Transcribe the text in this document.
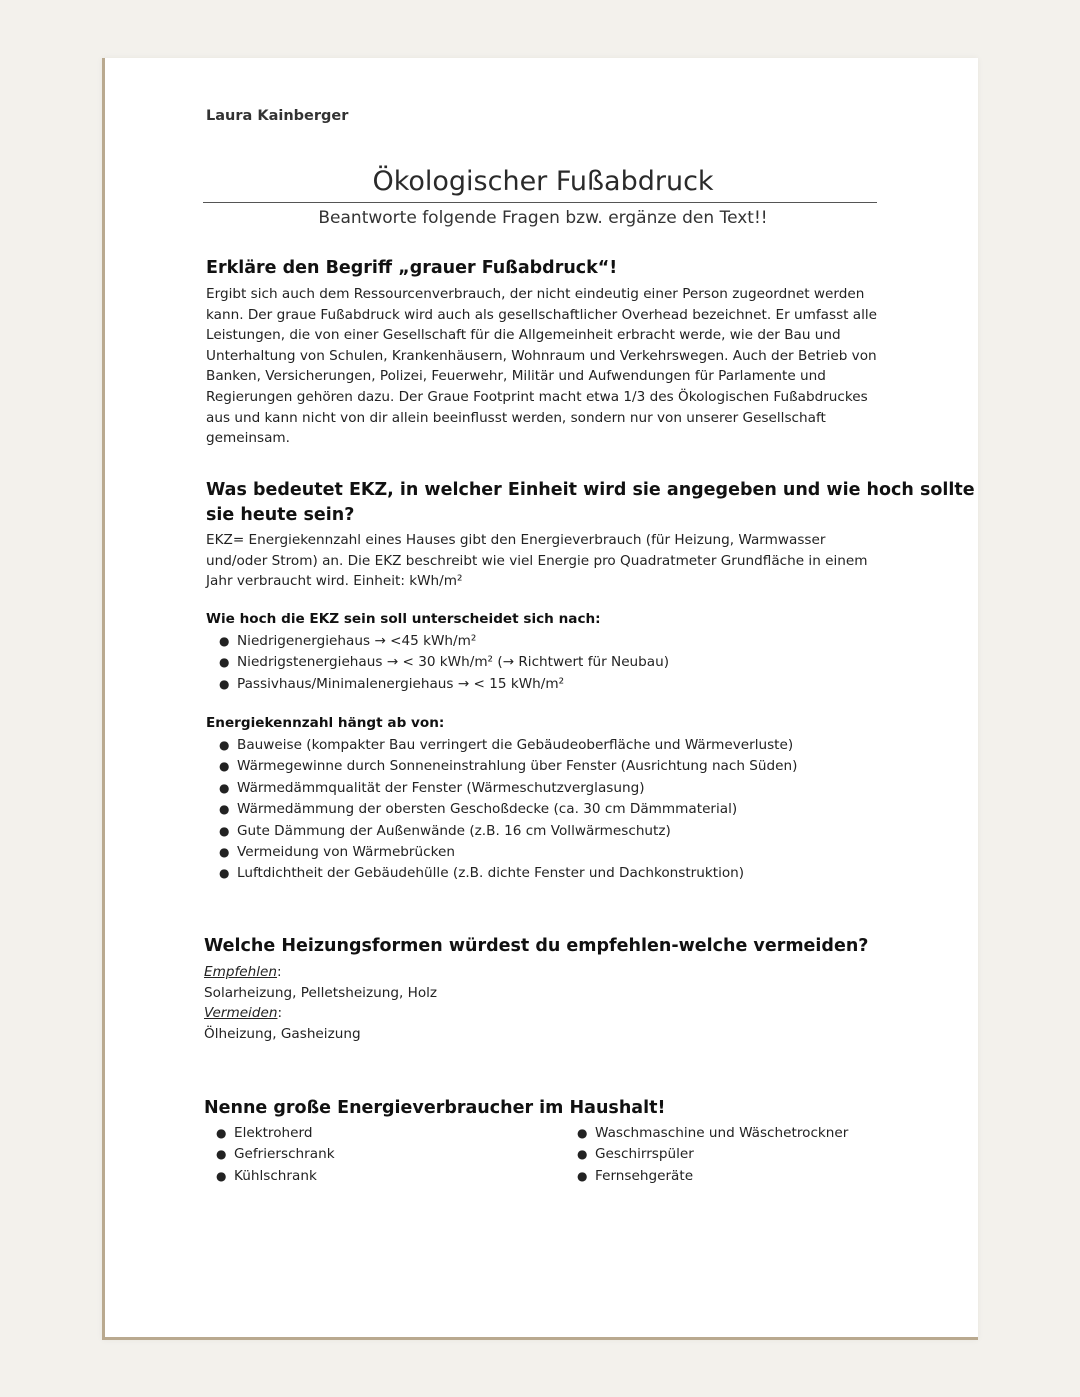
Laura Kainberger
Ökologischer Fußabdruck
Beantworte folgende Fragen bzw. ergänze den Text!!
Erkläre den Begriff „grauer Fußabdruck“!
Ergibt sich auch dem Ressourcenverbrauch, der nicht eindeutig einer Person zugeordnet werden kann. Der graue Fußabdruck wird auch als gesellschaftlicher Overhead bezeichnet. Er umfasst alle Leistungen, die von einer Gesellschaft für die Allgemeinheit erbracht werde, wie der Bau und Unterhaltung von Schulen, Krankenhäusern, Wohnraum und Verkehrswegen. Auch der Betrieb von Banken, Versicherungen, Polizei, Feuerwehr, Militär und Aufwendungen für Parlamente und Regierungen gehören dazu. Der Graue Footprint macht etwa 1/3 des Ökologischen Fußabdruckes aus und kann nicht von dir allein beeinflusst werden, sondern nur von unserer Gesellschaft gemeinsam.
Was bedeutet EKZ, in welcher Einheit wird sie angegeben und wie hoch sollte
sie heute sein?
EKZ= Energiekennzahl eines Hauses gibt den Energieverbrauch (für Heizung, Warmwasser und/oder Strom) an. Die EKZ beschreibt wie viel Energie pro Quadratmeter Grundfläche in einem Jahr verbraucht wird. Einheit: kWh/m²
Wie hoch die EKZ sein soll unterscheidet sich nach:
● Niedrigenergiehaus → <45 kWh/m²
● Niedrigstenergiehaus → < 30 kWh/m² (→ Richtwert für Neubau)
● Passivhaus/Minimalenergiehaus → < 15 kWh/m²
Energiekennzahl hängt ab von:
● Bauweise (kompakter Bau verringert die Gebäudeoberfläche und Wärmeverluste)
● Wärmegewinne durch Sonneneinstrahlung über Fenster (Ausrichtung nach Süden)
● Wärmedämmqualität der Fenster (Wärmeschutzverglasung)
● Wärmedämmung der obersten Geschoßdecke (ca. 30 cm Dämmmaterial)
● Gute Dämmung der Außenwände (z.B. 16 cm Vollwärmeschutz)
● Vermeidung von Wärmebrücken
● Luftdichtheit der Gebäudehülle (z.B. dichte Fenster und Dachkonstruktion)
Welche Heizungsformen würdest du empfehlen-welche vermeiden?
Empfehlen:
Solarheizung, Pelletsheizung, Holz
Vermeiden:
Ölheizung, Gasheizung
Nenne große Energieverbraucher im Haushalt!
● Elektroherd
● Gefrierschrank
● Kühlschrank
● Waschmaschine und Wäschetrockner
● Geschirrspüler
● Fernsehgeräte
